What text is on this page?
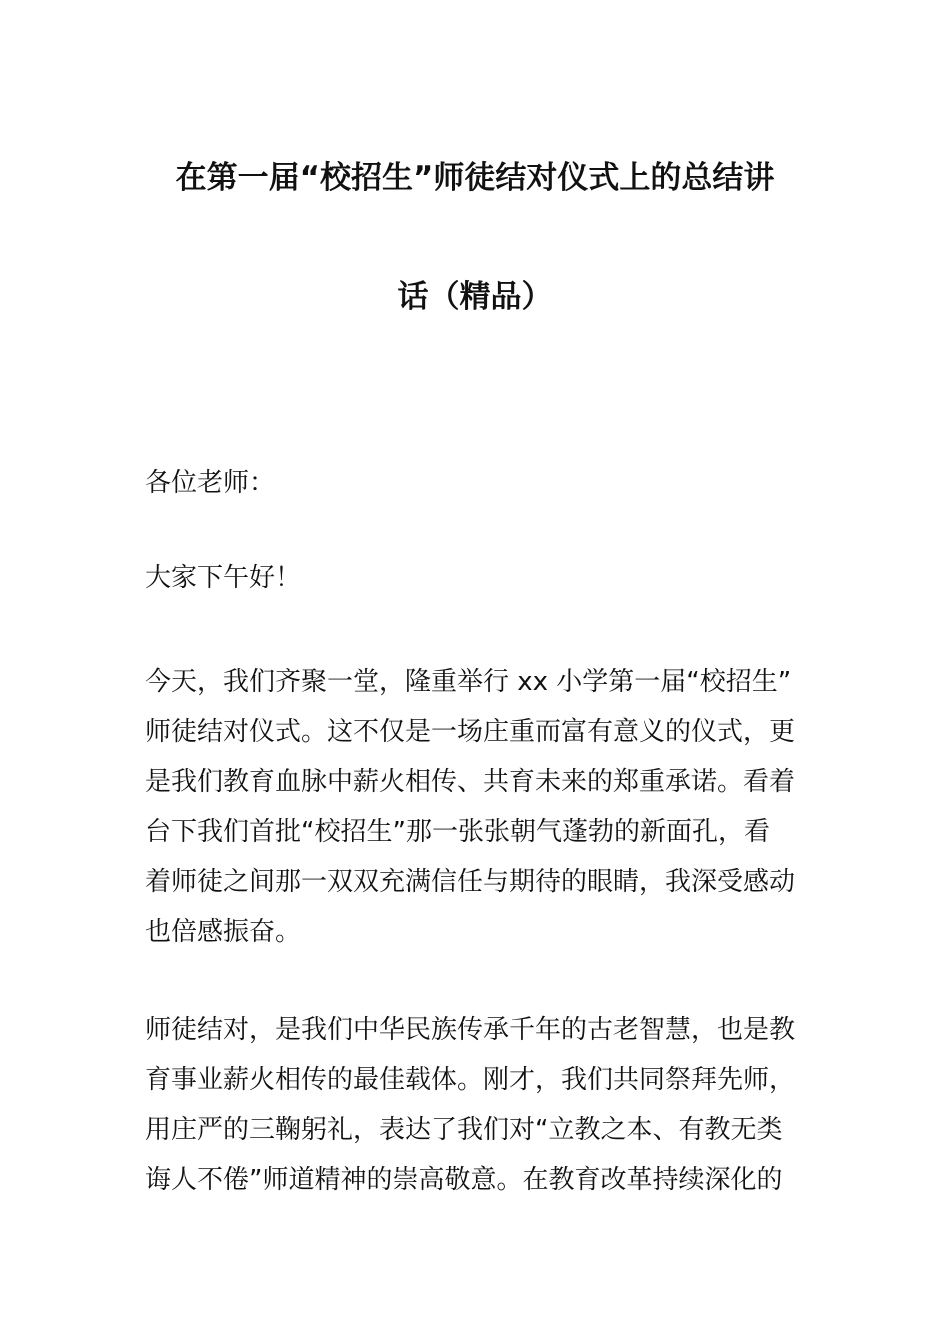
在第一届“校招生”师徒结对仪式上的总结讲
话（精品）

各位老师：

大家下午好！

今天，我们齐聚一堂，隆重举行 xx 小学第一届“校招生”
师徒结对仪式。这不仅是一场庄重而富有意义的仪式，更
是我们教育血脉中薪火相传、共育未来的郑重承诺。看着
台下我们首批“校招生”那一张张朝气蓬勃的新面孔，看
着师徒之间那一双双充满信任与期待的眼睛，我深受感动
也倍感振奋。

师徒结对，是我们中华民族传承千年的古老智慧，也是教
育事业薪火相传的最佳载体。刚才，我们共同祭拜先师，
用庄严的三鞠躬礼，表达了我们对“立教之本、有教无类
诲人不倦”师道精神的崇高敬意。在教育改革持续深化的
